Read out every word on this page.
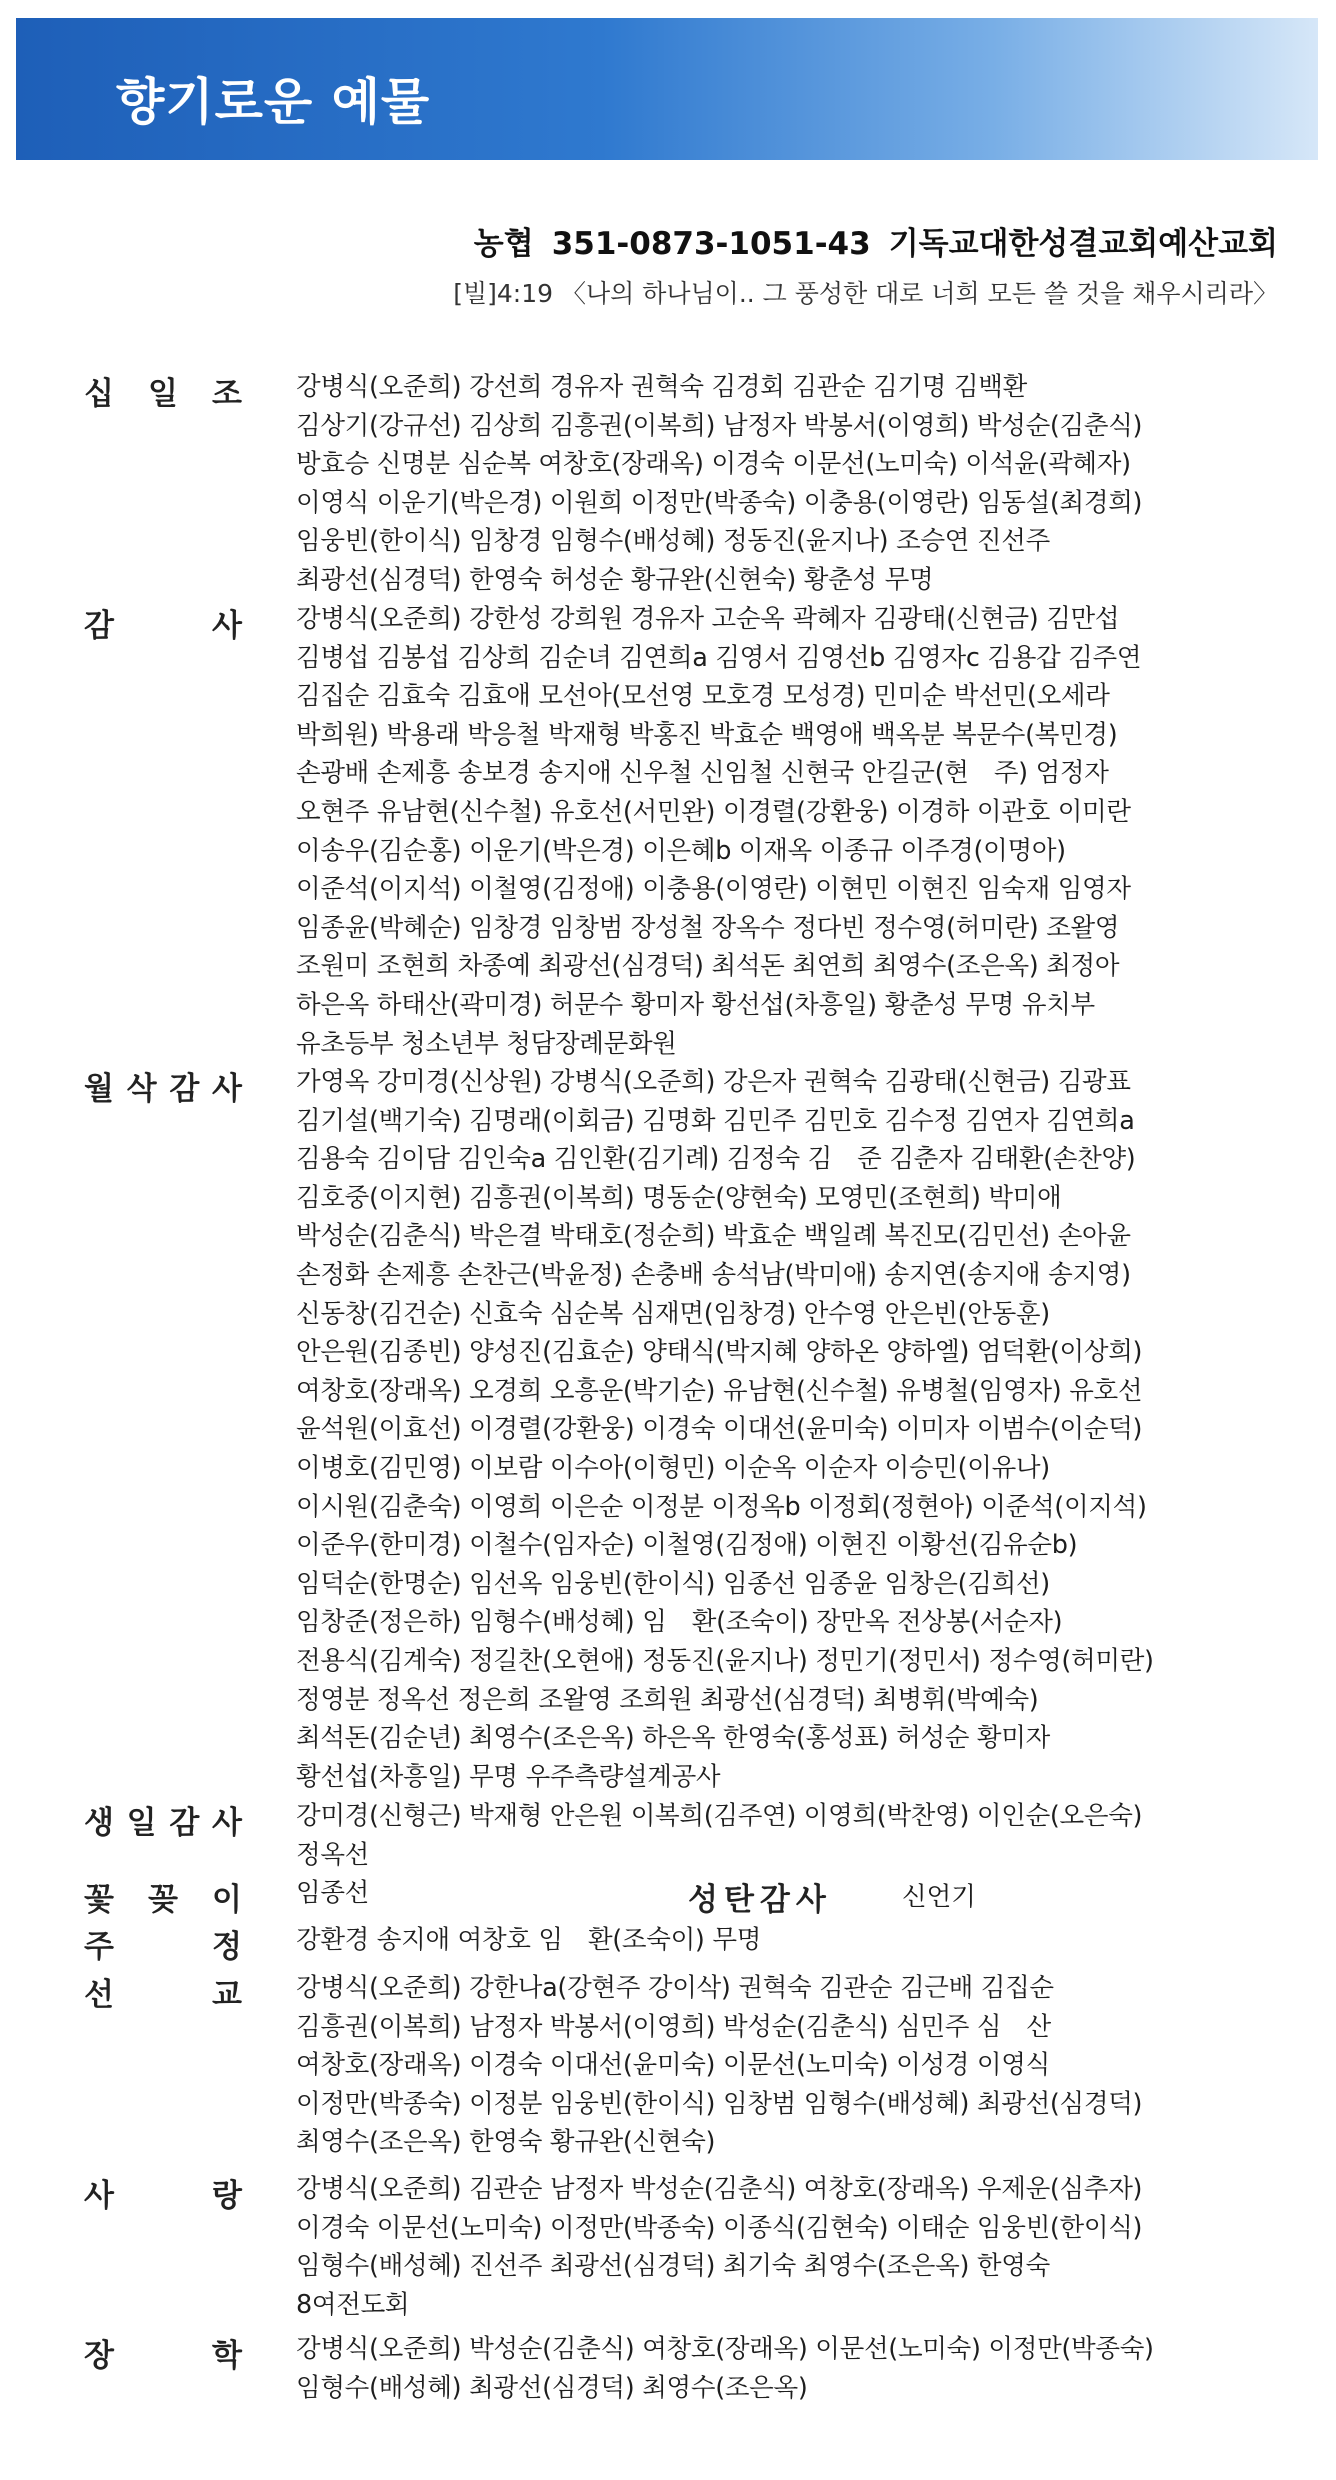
향기로운 예물
농협 351-0873-1051-43 기독교대한성결교회예산교회
[빌]4:19 〈나의 하나님이.. 그 풍성한 대로 너희 모든 쓸 것을 채우시리라〉
십 일 조 강병식(오준희) 강선희 경유자 권혁숙 김경회 김관순 김기명 김백환
김상기(강규선) 김상희 김흥권(이복희) 남정자 박봉서(이영희) 박성순(김춘식)
방효승 신명분 심순복 여창호(장래옥) 이경숙 이문선(노미숙) 이석윤(곽혜자)
이영식 이운기(박은경) 이원희 이정만(박종숙) 이충용(이영란) 임동설(최경희)
임웅빈(한이식) 임창경 임형수(배성혜) 정동진(윤지나) 조승연 진선주
최광선(심경덕) 한영숙 허성순 황규완(신현숙) 황춘성 무명
감	사 강병식(오준희) 강한성 강희원 경유자 고순옥 곽혜자 김광태(신현금) 김만섭
김병섭 김봉섭 김상희 김순녀 김연희a 김영서 김영선b 김영자c 김용갑 김주연
김집순 김효숙 김효애 모선아(모선영 모호경 모성경) 민미순 박선민(오세라
박희원) 박용래 박응철 박재형 박홍진 박효순 백영애 백옥분 복문수(복민경)
손광배 손제흥 송보경 송지애 신우철 신임철 신현국 안길군(현　주) 엄정자
오현주 유남현(신수철) 유호선(서민완) 이경렬(강환웅) 이경하 이관호 이미란
이송우(김순홍) 이운기(박은경) 이은혜b 이재옥 이종규 이주경(이명아)
이준석(이지석) 이철영(김정애) 이충용(이영란) 이현민 이현진 임숙재 임영자
임종윤(박혜순) 임창경 임창범 장성철 장옥수 정다빈 정수영(허미란) 조왈영
조원미 조현희 차종예 최광선(심경덕) 최석돈 최연희 최영수(조은옥) 최정아
하은옥 하태산(곽미경) 허문수 황미자 황선섭(차흥일) 황춘성 무명 유치부
유초등부 청소년부 청담장례문화원
월 삭 감 사 가영옥 강미경(신상원) 강병식(오준희) 강은자 권혁숙 김광태(신현금) 김광표
김기설(백기숙) 김명래(이회금) 김명화 김민주 김민호 김수정 김연자 김연희a
김용숙 김이담 김인숙a 김인환(김기례) 김정숙 김　준 김춘자 김태환(손찬양)
김호중(이지현) 김흥권(이복희) 명동순(양현숙) 모영민(조현희) 박미애
박성순(김춘식) 박은결 박태호(정순희) 박효순 백일례 복진모(김민선) 손아윤
손정화 손제흥 손찬근(박윤정) 손충배 송석남(박미애) 송지연(송지애 송지영)
신동창(김건순) 신효숙 심순복 심재면(임창경) 안수영 안은빈(안동훈)
안은원(김종빈) 양성진(김효순) 양태식(박지혜 양하온 양하엘) 엄덕환(이상희)
여창호(장래옥) 오경희 오흥운(박기순) 유남현(신수철) 유병철(임영자) 유호선
윤석원(이효선) 이경렬(강환웅) 이경숙 이대선(윤미숙) 이미자 이범수(이순덕)
이병호(김민영) 이보람 이수아(이형민) 이순옥 이순자 이승민(이유나)
이시원(김춘숙) 이영희 이은순 이정분 이정옥b 이정회(정현아) 이준석(이지석)
이준우(한미경) 이철수(임자순) 이철영(김정애) 이현진 이황선(김유순b)
임덕순(한명순) 임선옥 임웅빈(한이식) 임종선 임종윤 임창은(김희선)
임창준(정은하) 임형수(배성혜) 임　환(조숙이) 장만옥 전상봉(서순자)
전용식(김계숙) 정길찬(오현애) 정동진(윤지나) 정민기(정민서) 정수영(허미란)
정영분 정옥선 정은희 조왈영 조희원 최광선(심경덕) 최병휘(박예숙)
최석돈(김순년) 최영수(조은옥) 하은옥 한영숙(홍성표) 허성순 황미자
황선섭(차흥일) 무명 우주측량설계공사
생 일 감 사 강미경(신형근) 박재형 안은원 이복희(김주연) 이영희(박찬영) 이인순(오은숙)
정옥선
꽃 꽂 이 임종선	성탄감사	신언기
주	정 강환경 송지애 여창호 임　환(조숙이) 무명
선	교 강병식(오준희) 강한나a(강현주 강이삭) 권혁숙 김관순 김근배 김집순
김흥권(이복희) 남정자 박봉서(이영희) 박성순(김춘식) 심민주 심　산
여창호(장래옥) 이경숙 이대선(윤미숙) 이문선(노미숙) 이성경 이영식
이정만(박종숙) 이정분 임웅빈(한이식) 임창범 임형수(배성혜) 최광선(심경덕)
최영수(조은옥) 한영숙 황규완(신현숙)
사	랑 강병식(오준희) 김관순 남정자 박성순(김춘식) 여창호(장래옥) 우제운(심추자)
이경숙 이문선(노미숙) 이정만(박종숙) 이종식(김현숙) 이태순 임웅빈(한이식)
임형수(배성혜) 진선주 최광선(심경덕) 최기숙 최영수(조은옥) 한영숙
8여전도회
장	학 강병식(오준희) 박성순(김춘식) 여창호(장래옥) 이문선(노미숙) 이정만(박종숙)
임형수(배성혜) 최광선(심경덕) 최영수(조은옥)
